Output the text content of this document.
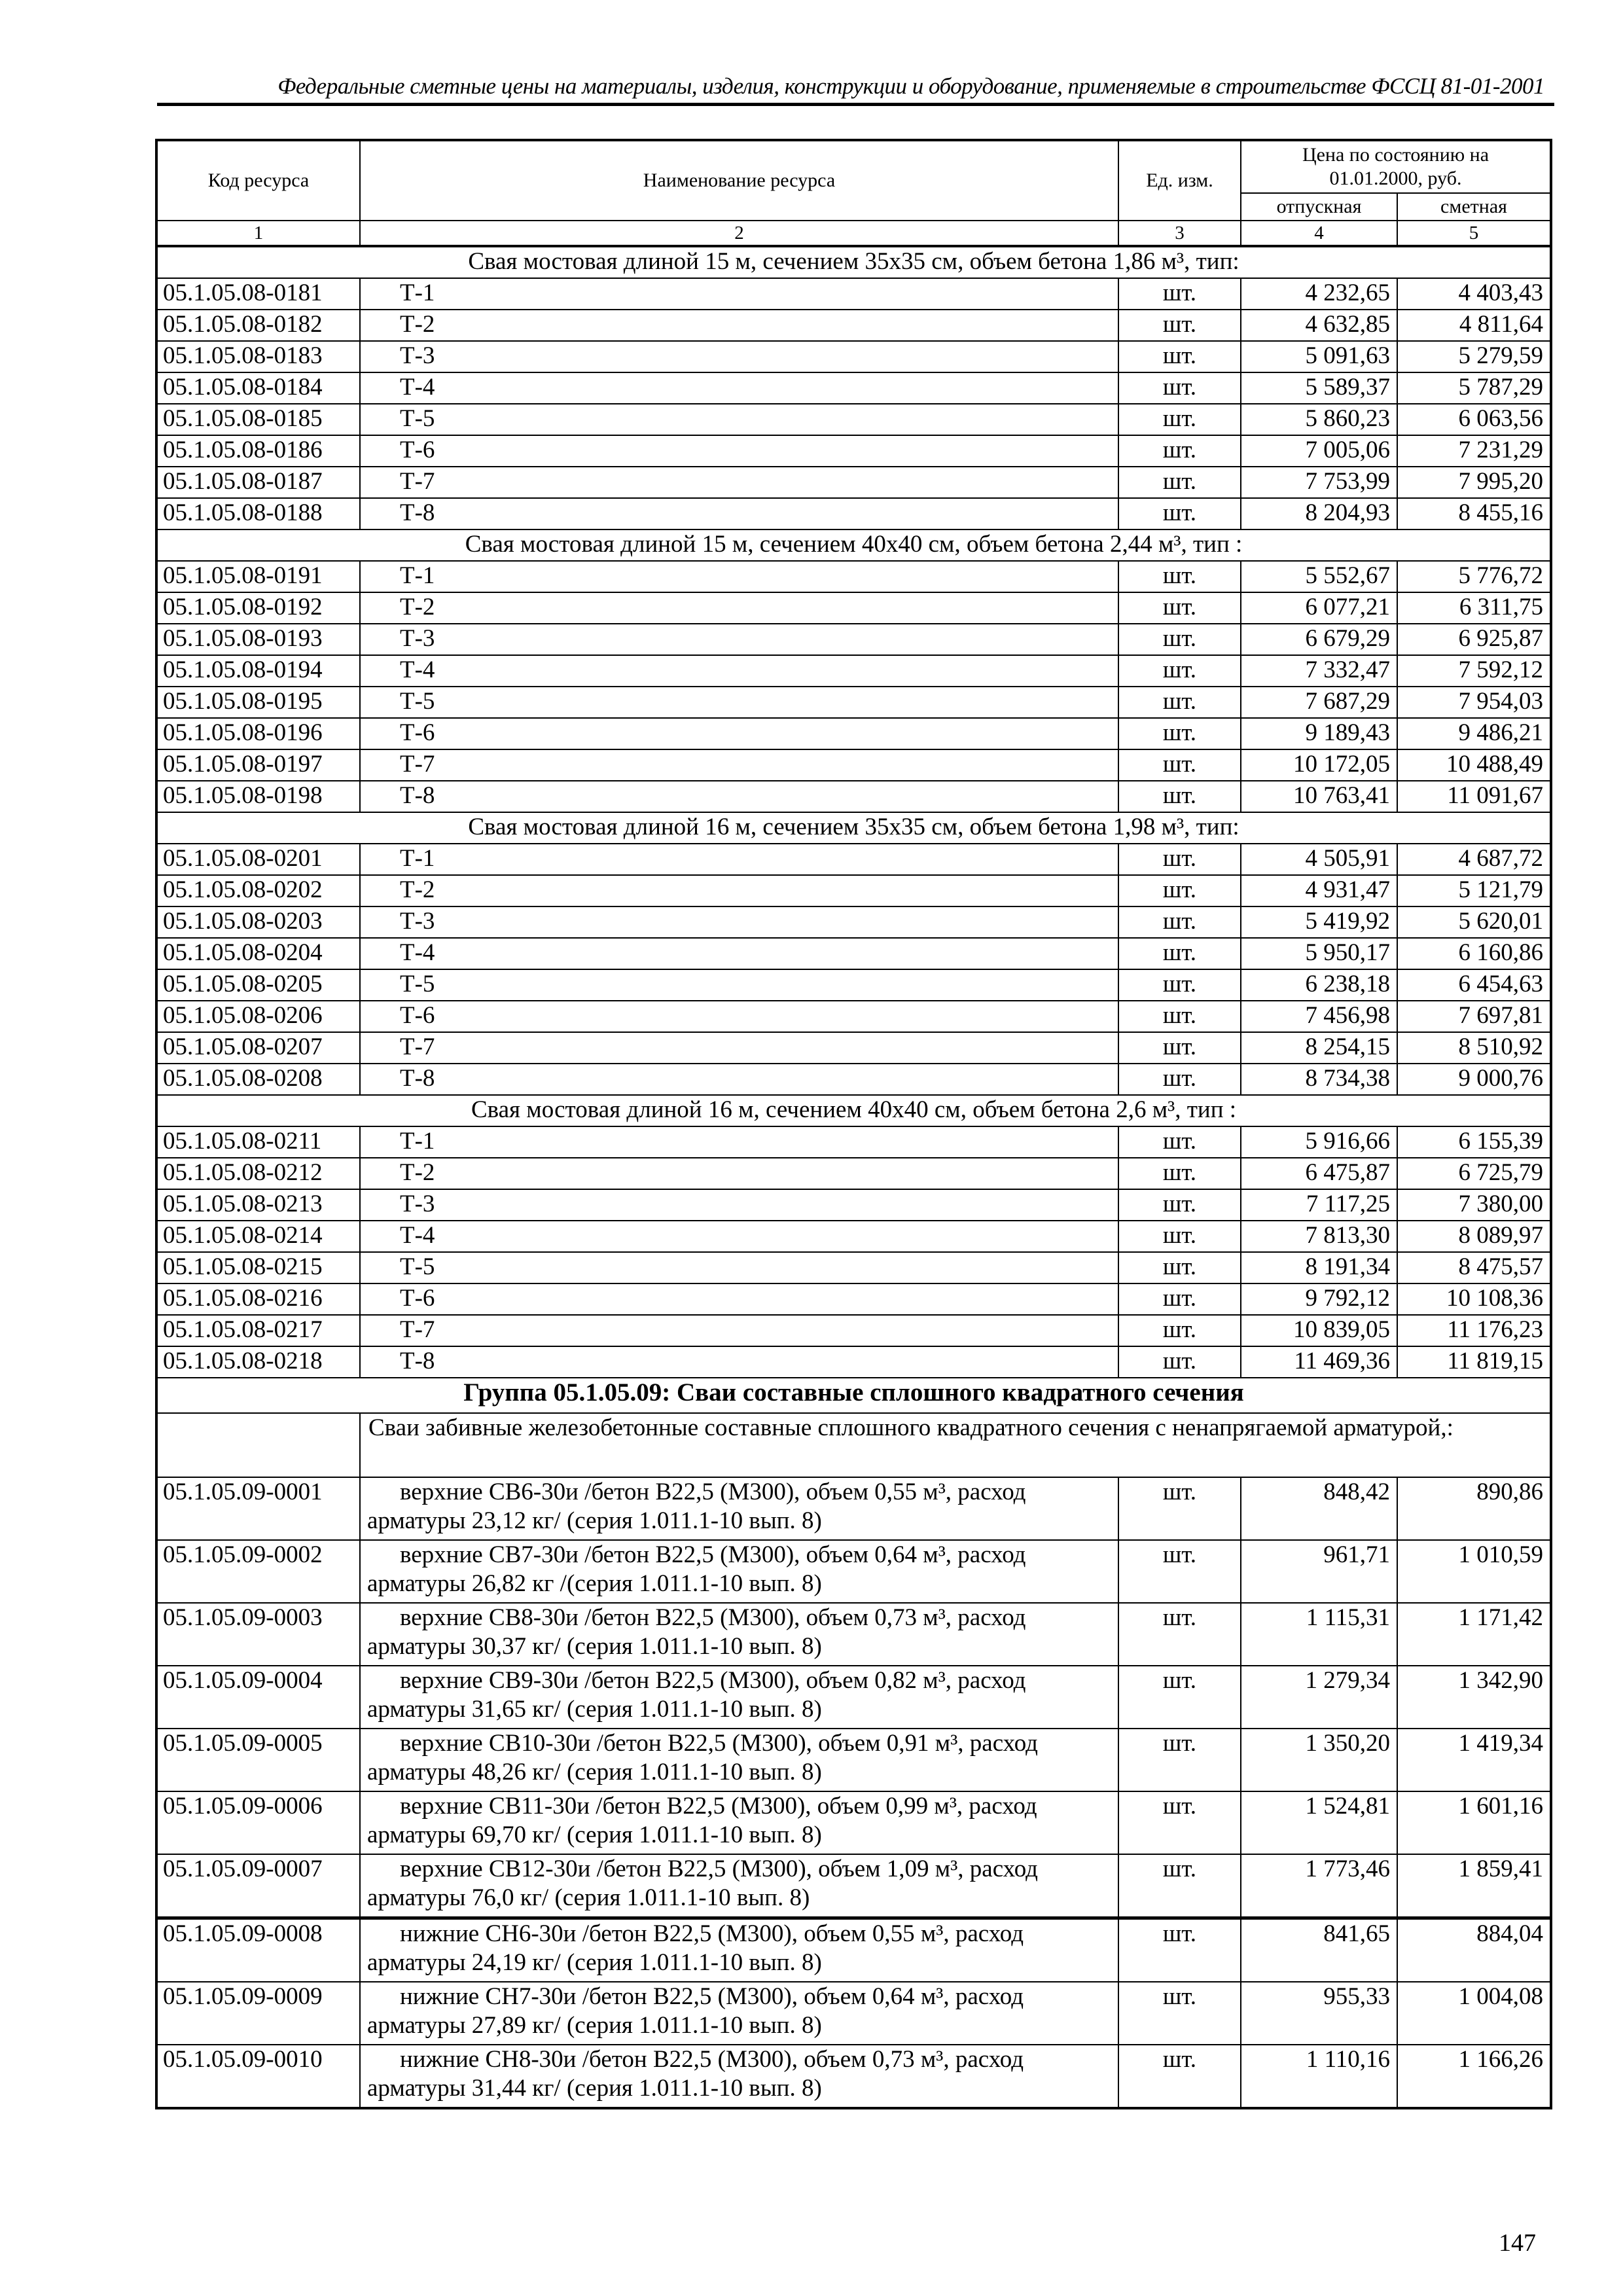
Федеральные сметные цены на материалы, изделия, конструкции и оборудование, применяемые в строительстве ФССЦ 81-01-2001
Код ресурса	Наименование ресурса	Ед. изм.	Цена по состоянию на 01.01.2000, руб.	
			отпускная	сметная
1	2	3	4	5
Свая мостовая длиной 15 м, сечением 35х35 см, объем бетона 1,86 м³, тип:				
05.1.05.08-0181	Т-1	шт.	4 232,65	4 403,43
05.1.05.08-0182	Т-2	шт.	4 632,85	4 811,64
05.1.05.08-0183	Т-3	шт.	5 091,63	5 279,59
05.1.05.08-0184	Т-4	шт.	5 589,37	5 787,29
05.1.05.08-0185	Т-5	шт.	5 860,23	6 063,56
05.1.05.08-0186	Т-6	шт.	7 005,06	7 231,29
05.1.05.08-0187	Т-7	шт.	7 753,99	7 995,20
05.1.05.08-0188	Т-8	шт.	8 204,93	8 455,16
Свая мостовая длиной 15 м, сечением 40х40 см, объем бетона 2,44 м³, тип :				
05.1.05.08-0191	Т-1	шт.	5 552,67	5 776,72
05.1.05.08-0192	Т-2	шт.	6 077,21	6 311,75
05.1.05.08-0193	Т-3	шт.	6 679,29	6 925,87
05.1.05.08-0194	Т-4	шт.	7 332,47	7 592,12
05.1.05.08-0195	Т-5	шт.	7 687,29	7 954,03
05.1.05.08-0196	Т-6	шт.	9 189,43	9 486,21
05.1.05.08-0197	Т-7	шт.	10 172,05	10 488,49
05.1.05.08-0198	Т-8	шт.	10 763,41	11 091,67
Свая мостовая длиной 16 м, сечением 35х35 см, объем бетона 1,98 м³, тип:				
05.1.05.08-0201	Т-1	шт.	4 505,91	4 687,72
05.1.05.08-0202	Т-2	шт.	4 931,47	5 121,79
05.1.05.08-0203	Т-3	шт.	5 419,92	5 620,01
05.1.05.08-0204	Т-4	шт.	5 950,17	6 160,86
05.1.05.08-0205	Т-5	шт.	6 238,18	6 454,63
05.1.05.08-0206	Т-6	шт.	7 456,98	7 697,81
05.1.05.08-0207	Т-7	шт.	8 254,15	8 510,92
05.1.05.08-0208	Т-8	шт.	8 734,38	9 000,76
Свая мостовая длиной 16 м, сечением 40х40 см, объем бетона 2,6 м³, тип :				
05.1.05.08-0211	Т-1	шт.	5 916,66	6 155,39
05.1.05.08-0212	Т-2	шт.	6 475,87	6 725,79
05.1.05.08-0213	Т-3	шт.	7 117,25	7 380,00
05.1.05.08-0214	Т-4	шт.	7 813,30	8 089,97
05.1.05.08-0215	Т-5	шт.	8 191,34	8 475,57
05.1.05.08-0216	Т-6	шт.	9 792,12	10 108,36
05.1.05.08-0217	Т-7	шт.	10 839,05	11 176,23
05.1.05.08-0218	Т-8	шт.	11 469,36	11 819,15
Группа 05.1.05.09: Сваи составные сплошного квадратного сечения				
	Сваи забивные железобетонные составные сплошного квадратного сечения с ненапрягаемой арматурой,:			
05.1.05.09-0001	верхние СВ6-30и /бетон В22,5 (М300), объем 0,55 м³, расход арматуры 23,12 кг/ (серия 1.011.1-10 вып. 8)	шт.	848,42	890,86
05.1.05.09-0002	верхние СВ7-30и /бетон В22,5 (М300), объем 0,64 м³, расход арматуры 26,82 кг /(серия 1.011.1-10 вып. 8)	шт.	961,71	1 010,59
05.1.05.09-0003	верхние СВ8-30и /бетон В22,5 (М300), объем 0,73 м³, расход арматуры 30,37 кг/ (серия 1.011.1-10 вып. 8)	шт.	1 115,31	1 171,42
05.1.05.09-0004	верхние СВ9-30и /бетон В22,5 (М300), объем 0,82 м³, расход арматуры 31,65 кг/ (серия 1.011.1-10 вып. 8)	шт.	1 279,34	1 342,90
05.1.05.09-0005	верхние СВ10-30и /бетон В22,5 (М300), объем 0,91 м³, расход арматуры 48,26 кг/ (серия 1.011.1-10 вып. 8)	шт.	1 350,20	1 419,34
05.1.05.09-0006	верхние СВ11-30и /бетон В22,5 (М300), объем 0,99 м³, расход арматуры 69,70 кг/ (серия 1.011.1-10 вып. 8)	шт.	1 524,81	1 601,16
05.1.05.09-0007	верхние СВ12-30и /бетон В22,5 (М300), объем 1,09 м³, расход арматуры 76,0 кг/ (серия 1.011.1-10 вып. 8)	шт.	1 773,46	1 859,41
05.1.05.09-0008	нижние СН6-30и /бетон В22,5 (М300), объем 0,55 м³, расход арматуры 24,19 кг/ (серия 1.011.1-10 вып. 8)	шт.	841,65	884,04
05.1.05.09-0009	нижние СН7-30и /бетон В22,5 (М300), объем 0,64 м³, расход арматуры 27,89 кг/ (серия 1.011.1-10 вып. 8)	шт.	955,33	1 004,08
05.1.05.09-0010	нижние СН8-30и /бетон В22,5 (М300), объем 0,73 м³, расход арматуры 31,44 кг/ (серия 1.011.1-10 вып. 8)	шт.	1 110,16	1 166,26
147
